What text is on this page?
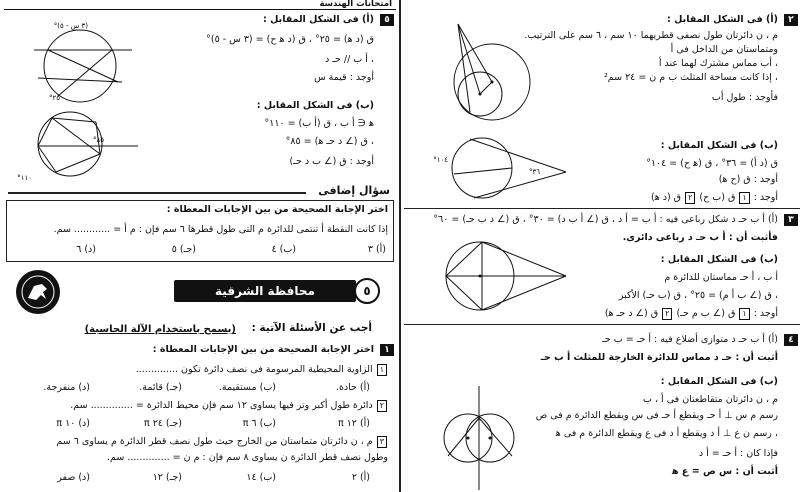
امتحانات الهندسة
٢
(أ) فى الشكل المقابل :
م ، ن دائرتان طول نصفى قطريهما ١٠ سم ، ٦ سم على الترتيب.
ومتماستان من الداخل فى أ
، أب مماس مشترك لهما عند أ
، إذا كانت مساحة المثلث ب م ن = ٢٤ سم²
فأوجد : طول أب
(ب) فى الشكل المقابل :
ق (د أ) = ٣٦° ، ق (ﻫ ح) = ١٠٤°
أوجد : ق (ح ﻫ)
أوجد : ١ ق (ب ح) ٢ ق (د ﻫ)
١٠٤°
٣٦°
٣
(أ) أ ب حـ د شكل رباعى فيه : أ ب = أ د ، ق (∠ أ ب د) = ٣٠° ، ق (∠ د ب حـ) = ٦٠°
فأثبت أن : أ ب حـ د رباعى دائرى.
(ب) فى الشكل المقابل :
أ ب ، أ حـ مماستان للدائرة م
، ق (∠ ب أ م) = ٢٥° ، ق (ب حـ) الأكبر
أوجد : ١ ق (∠ ب م حـ) ٢ ق (∠ د حـ ﻫ)
٤
(أ) أ ب حـ د متوازى أضلاع فيه : أ حـ = ب حـ
أثبت أن : حـ د مماس للدائرة الخارجة للمثلث أ ب حـ
(ب) فى الشكل المقابل :
م ، ن دائرتان متقاطعتان فى أ ، ب
رسم م س ⊥ أ حـ ويقطع أ حـ فى س ويقطع الدائرة م فى ص
، رسم ن ع ⊥ أ د ويقطع أ د فى ع ويقطع الدائرة م فى ﻫ
فإذا كان : أ حـ = أ د
أثبت أن : س ص = ع ﻫ
٥
(أ) فى الشكل المقابل :
ق (د ﻫ) = ٢٥° ، ق (د ﻫ ح) = (٣ س - ٥)°
، أ ب // حـ د
أوجد : قيمة س
(٣ س - ٥)°
٢٥°
(ب) فى الشكل المقابل :
ﻫ ∈ أ ب ، ق (أ ب) = ١١٠°
، ق (∠ د حـ ﻫ) = ٨٥°
أوجد : ق (∠ ب د حـ)
٨٥°
١١٠°
سؤال إضافى
اختر الإجابة الصحيحة من بين الإجابات المعطاة :
إذا كانت النقطة أ تنتمى للدائرة م التى طول قطرها ٦ سم فإن : م أ = ............ سم.
(أ) ٣
(ب) ٤
(جـ) ٥
(د) ٦
محافظة الشرقية	٥
أجب عن الأسئلة الآتية :
(يسمح باستخدام الآلة الحاسبة)
١
اختر الإجابة الصحيحة من بين الإجابات المعطاة :
١ الزاوية المحيطية المرسومة فى نصف دائرة تكون ..............
(أ) حادة.
(ب) مستقيمة.
(جـ) قائمة.
(د) منفرجة.
٢ دائرة طول أكبر وتر فيها يساوى ١٢ سم فإن محيط الدائرة = .............. سم.
(أ) ١٢ π
(ب) ٦ π
(جـ) ٢٤ π
(د) ١٠ π
٣ م ، ن دائرتان متماستان من الخارج حيث طول نصف قطر الدائرة م يساوى ٦ سم
وطول نصف قطر الدائرة ن يساوى ٨ سم فإن : م ن = .............. سم.
(أ) ٢
(ب) ١٤
(جـ) ١٢
(د) صفر
